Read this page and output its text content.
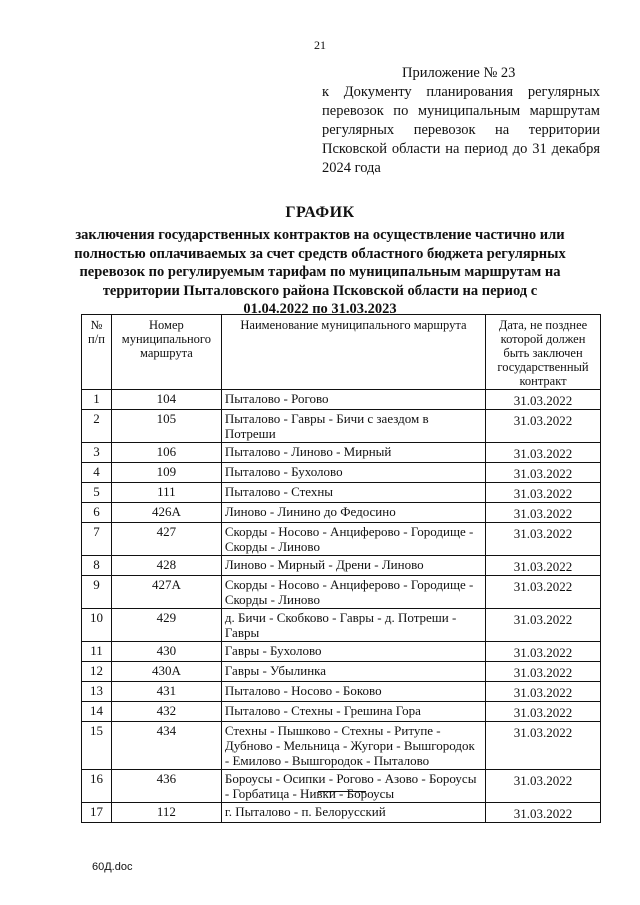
21
Приложение № 23
к Документу планирования регулярных перевозок по муниципальным маршрутам регулярных перевозок на территории Псковской области на период до 31 декабря 2024 года
ГРАФИК
заключения государственных контрактов на осуществление частично или полностью оплачиваемых за счет средств областного бюджета регулярных перевозок по регулируемым тарифам по муниципальным маршрутам на территории Пыталовского района Псковской области на период с 01.04.2022 по 31.03.2023
№ п/п	Номер муниципального маршрута	Наименование муниципального маршрута	Дата, не позднее которой должен быть заключен государственный контракт
1	104	Пыталово - Рогово	31.03.2022
2	105	Пыталово - Гавры - Бичи с заездом в Потреши	31.03.2022
3	106	Пыталово - Линово - Мирный	31.03.2022
4	109	Пыталово - Бухолово	31.03.2022
5	111	Пыталово - Стехны	31.03.2022
6	426А	Линово - Линино до Федосино	31.03.2022
7	427	Скорды - Носово - Анциферово - Городище - Скорды - Линово	31.03.2022
8	428	Линово - Мирный - Дрени - Линово	31.03.2022
9	427А	Скорды - Носово - Анциферово - Городище - Скорды - Линово	31.03.2022
10	429	д. Бичи - Скобково - Гавры - д. Потреши - Гавры	31.03.2022
11	430	Гавры - Бухолово	31.03.2022
12	430А	Гавры - Убылинка	31.03.2022
13	431	Пыталово - Носово - Боково	31.03.2022
14	432	Пыталово - Стехны - Грешина Гора	31.03.2022
15	434	Стехны - Пышково - Стехны - Ритупе - Дубново - Мельница - Жугори - Вышгородок - Емилово - Вышгородок - Пыталово	31.03.2022
16	436	Бороусы - Осипки - Рогово - Азово - Бороусы - Горбатица - Нивки - Бороусы	31.03.2022
17	112	г. Пыталово - п. Белорусский	31.03.2022
60Д.doc
